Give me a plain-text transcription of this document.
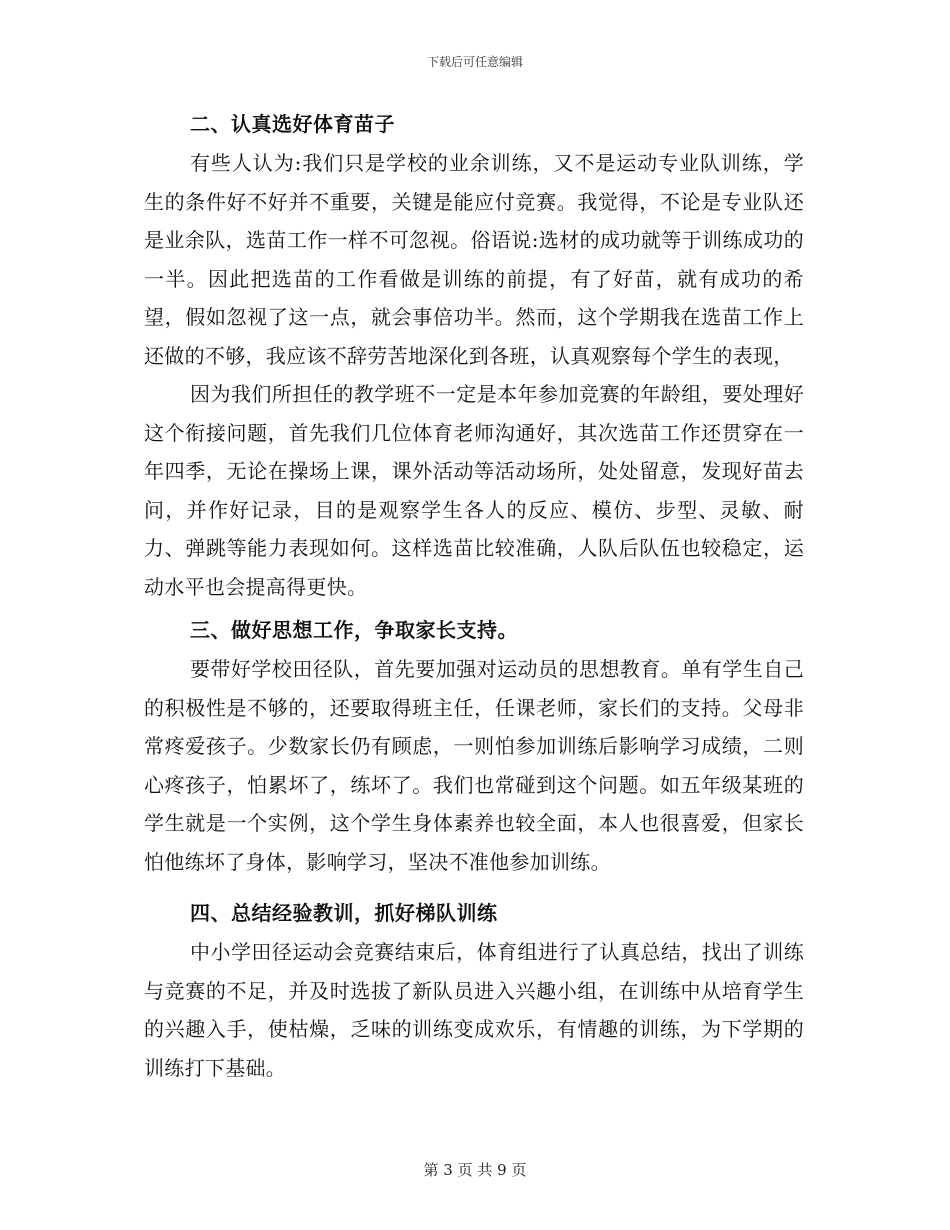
下载后可任意编辑
二、认真选好体育苗子

有些人认为:我们只是学校的业余训练，又不是运动专业队训练，学生的条件好不好并不重要，关键是能应付竞赛。我觉得，不论是专业队还是业余队，选苗工作一样不可忽视。俗语说:选材的成功就等于训练成功的一半。因此把选苗的工作看做是训练的前提，有了好苗，就有成功的希望，假如忽视了这一点，就会事倍功半。然而，这个学期我在选苗工作上还做的不够，我应该不辞劳苦地深化到各班，认真观察每个学生的表现，

因为我们所担任的教学班不一定是本年参加竞赛的年龄组，要处理好这个衔接问题，首先我们几位体育老师沟通好，其次选苗工作还贯穿在一年四季，无论在操场上课，课外活动等活动场所，处处留意，发现好苗去问，并作好记录，目的是观察学生各人的反应、模仿、步型、灵敏、耐力、弹跳等能力表现如何。这样选苗比较准确，人队后队伍也较稳定，运动水平也会提高得更快。

三、做好思想工作，争取家长支持。

要带好学校田径队，首先要加强对运动员的思想教育。单有学生自己的积极性是不够的，还要取得班主任，任课老师，家长们的支持。父母非常疼爱孩子。少数家长仍有顾虑，一则怕参加训练后影响学习成绩，二则心疼孩子，怕累坏了，练坏了。我们也常碰到这个问题。如五年级某班的学生就是一个实例，这个学生身体素养也较全面，本人也很喜爱，但家长怕他练坏了身体，影响学习，坚决不准他参加训练。

四、总结经验教训，抓好梯队训练

中小学田径运动会竞赛结束后，体育组进行了认真总结，找出了训练与竞赛的不足，并及时选拔了新队员进入兴趣小组，在训练中从培育学生的兴趣入手，使枯燥，乏味的训练变成欢乐，有情趣的训练，为下学期的训练打下基础。

第 3 页 共 9 页
